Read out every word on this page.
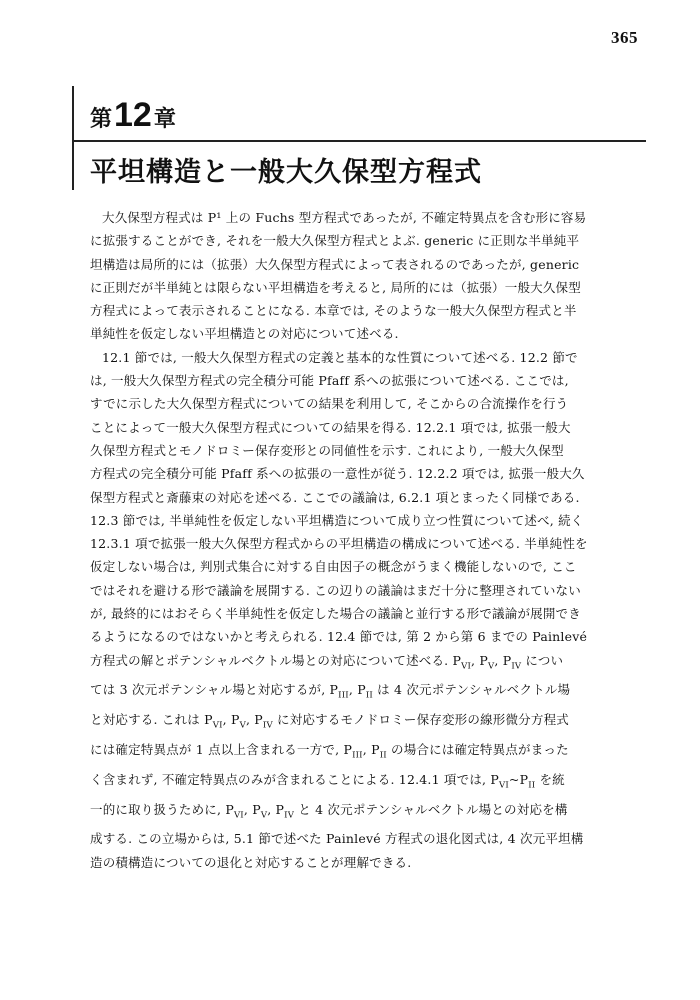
365
第 12 章
平坦構造と一般大久保型方程式
大久保型方程式は P¹ 上の Fuchs 型方程式であったが, 不確定特異点を含む形に容易
に拡張することができ, それを一般大久保型方程式とよぶ. generic に正則な半単純平
坦構造は局所的には（拡張）大久保型方程式によって表されるのであったが, generic
に正則だが半単純とは限らない平坦構造を考えると, 局所的には（拡張）一般大久保型
方程式によって表示されることになる. 本章では, そのような一般大久保型方程式と半
単純性を仮定しない平坦構造との対応について述べる.
12.1 節では, 一般大久保型方程式の定義と基本的な性質について述べる. 12.2 節で
は, 一般大久保型方程式の完全積分可能 Pfaff 系への拡張について述べる. ここでは,
すでに示した大久保型方程式についての結果を利用して, そこからの合流操作を行う
ことによって一般大久保型方程式についての結果を得る. 12.2.1 項では, 拡張一般大
久保型方程式とモノドロミー保存変形との同値性を示す. これにより, 一般大久保型
方程式の完全積分可能 Pfaff 系への拡張の一意性が従う. 12.2.2 項では, 拡張一般大久
保型方程式と斎藤束の対応を述べる. ここでの議論は, 6.2.1 項とまったく同様である.
12.3 節では, 半単純性を仮定しない平坦構造について成り立つ性質について述べ, 続く
12.3.1 項で拡張一般大久保型方程式からの平坦構造の構成について述べる. 半単純性を
仮定しない場合は, 判別式集合に対する自由因子の概念がうまく機能しないので, ここ
ではそれを避ける形で議論を展開する. この辺りの議論はまだ十分に整理されていない
が, 最終的にはおそらく半単純性を仮定した場合の議論と並行する形で議論が展開でき
るようになるのではないかと考えられる. 12.4 節では, 第 2 から第 6 までの Painlevé
方程式の解とポテンシャルベクトル場との対応について述べる. $P_{VI}$, $P_V$, $P_{IV}$ につい
ては 3 次元ポテンシャル場と対応するが, $P_{III}$, $P_{II}$ は 4 次元ポテンシャルベクトル場
と対応する. これは $P_{VI}$, $P_V$, $P_{IV}$ に対応するモノドロミー保存変形の線形微分方程式
には確定特異点が 1 点以上含まれる一方で, $P_{III}$, $P_{II}$ の場合には確定特異点がまった
く含まれず, 不確定特異点のみが含まれることによる. 12.4.1 項では, $P_{VI}\sim P_{II}$ を統
一的に取り扱うために, $P_{VI}$, $P_V$, $P_{IV}$ と 4 次元ポテンシャルベクトル場との対応を構
成する. この立場からは, 5.1 節で述べた Painlevé 方程式の退化図式は, 4 次元平坦構
造の積構造についての退化と対応することが理解できる.
